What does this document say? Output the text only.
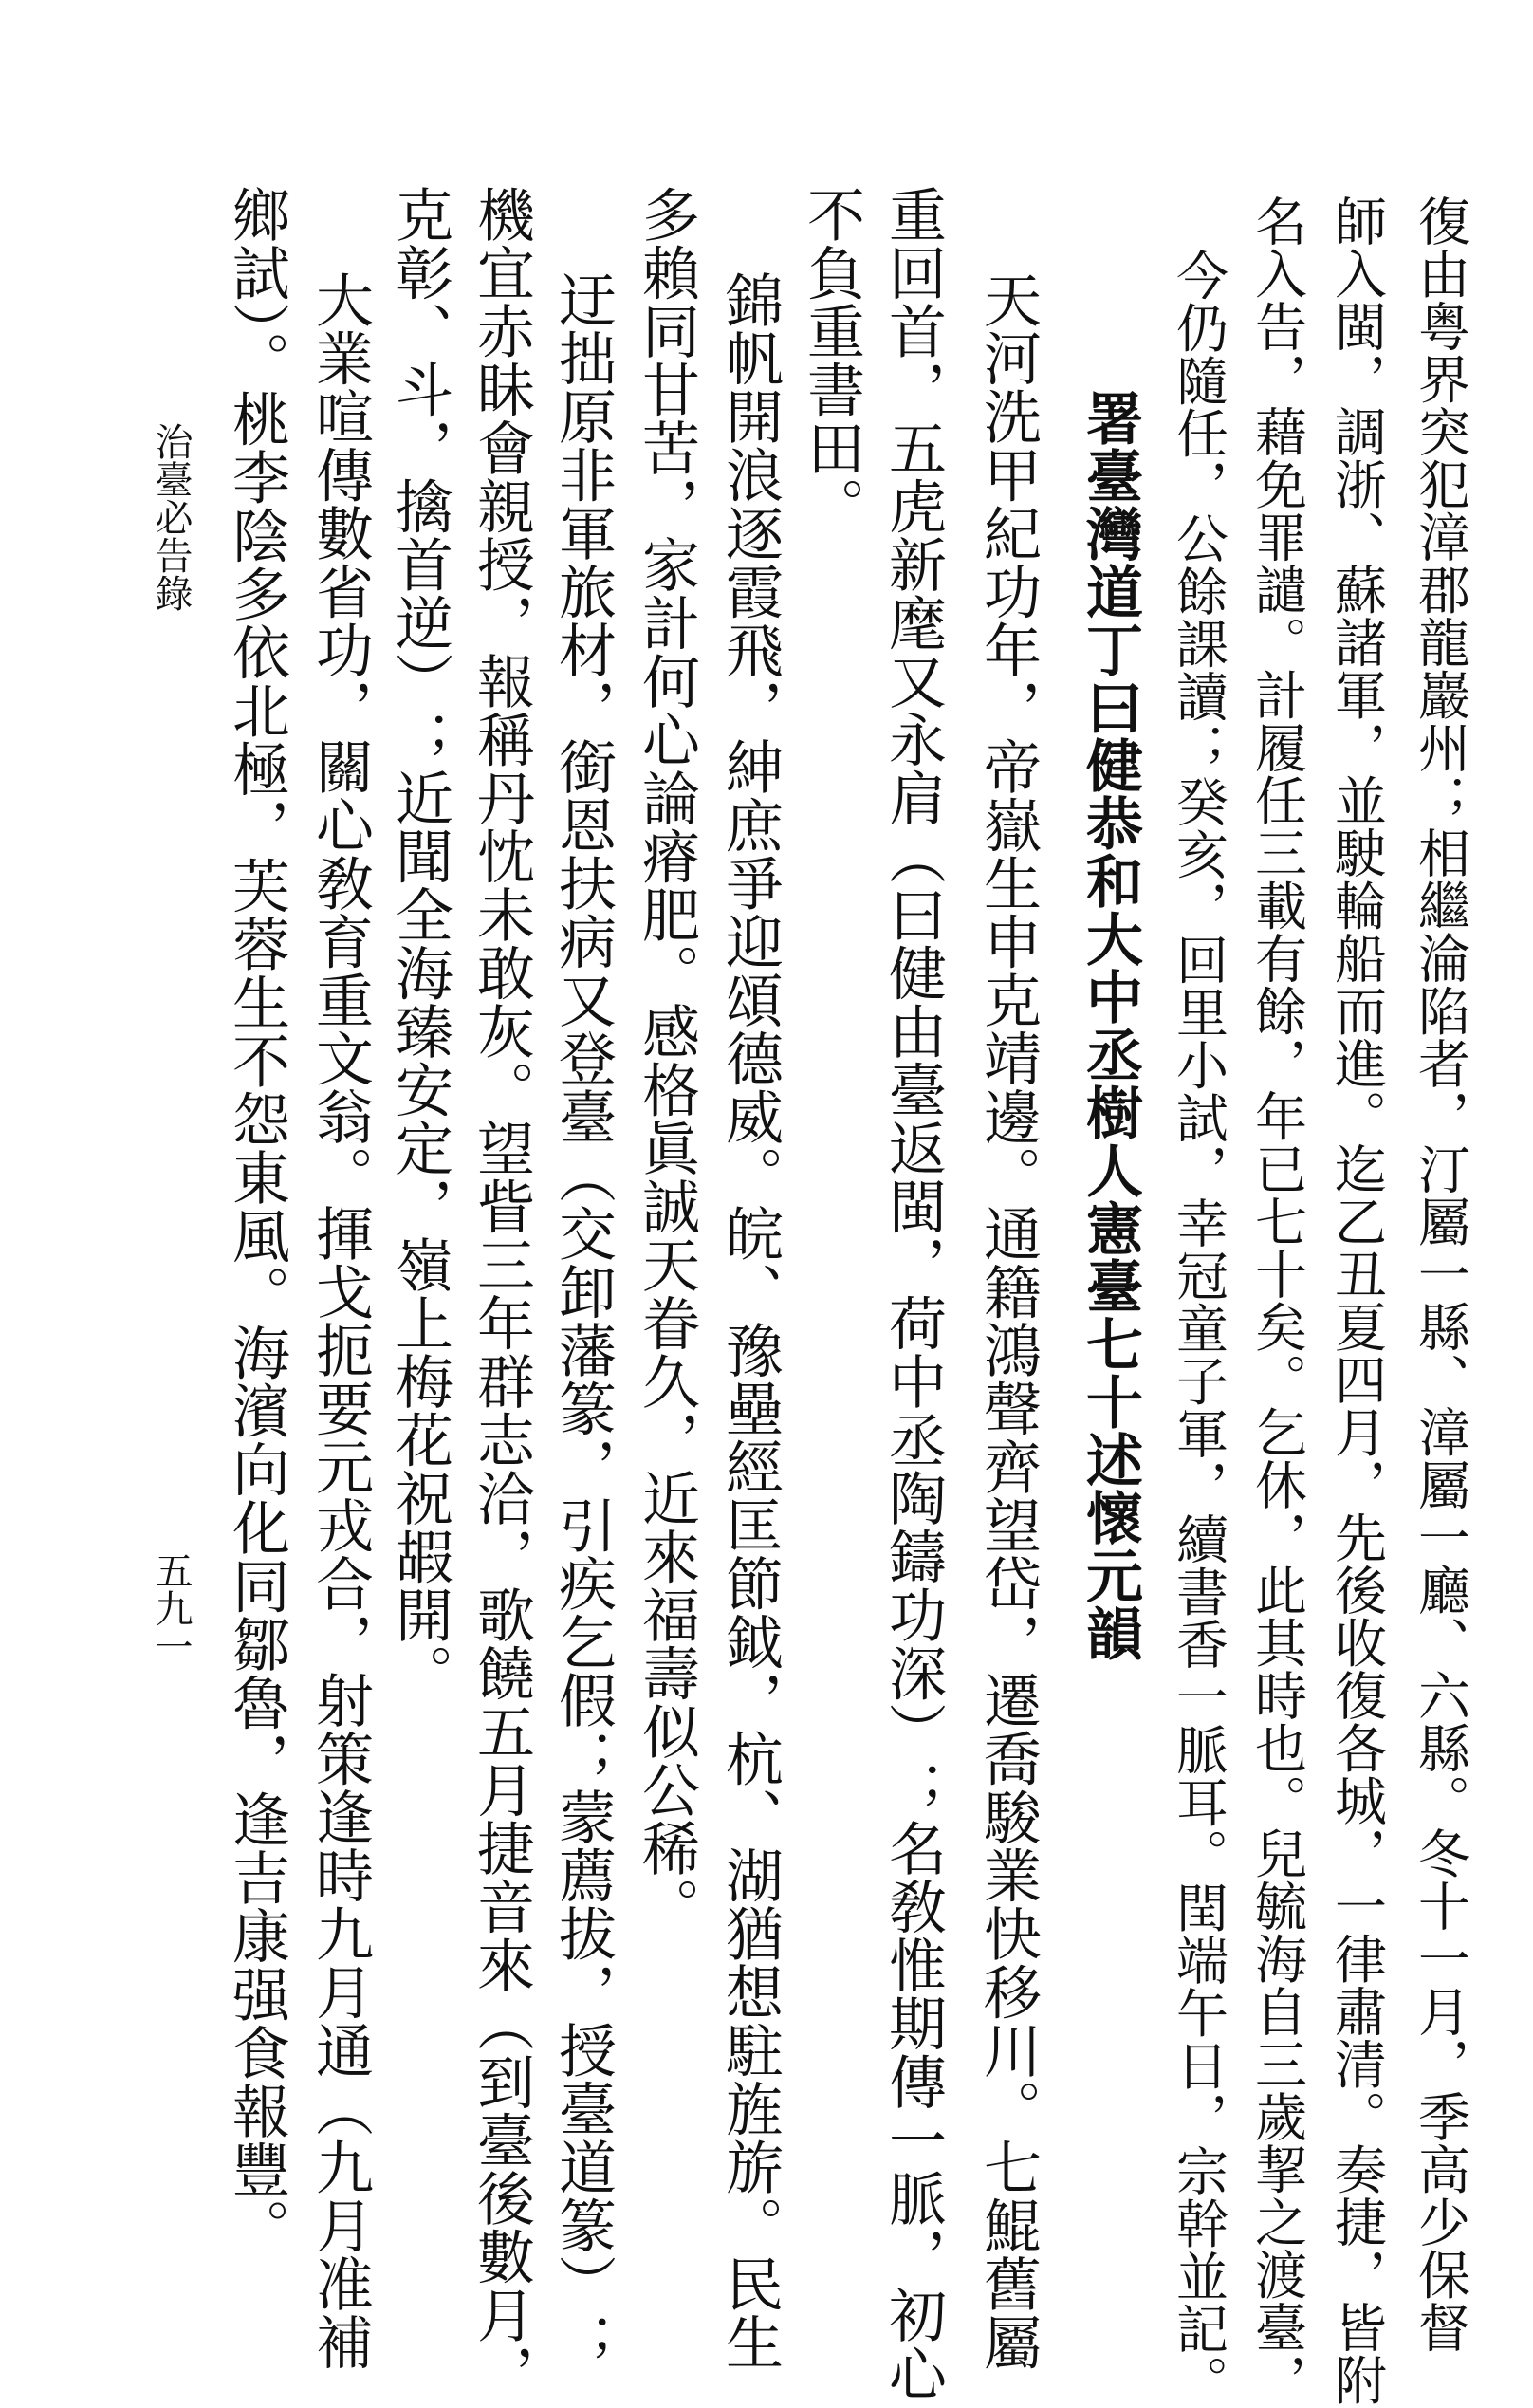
復由粤界突犯漳郡龍巖州；相繼淪陷者，汀屬一縣、漳屬一廳、六縣。冬十一月，季高少保督
師入閩，調浙、蘇諸軍，並駛輪船而進。迄乙丑夏四月，先後收復各城，一律肅清。奏捷，皆附
名入告，藉免罪譴。計履任三載有餘，年已七十矣。乞休，此其時也。兒毓海自三歲挈之渡臺，
今仍隨任，公餘課讀；癸亥，回里小試，幸冠童子軍，續書香一脈耳。閏端午日，宗幹並記。
署臺灣道丁曰健恭和大中丞樹人憲臺七十述懷元韻
天河洗甲紀功年，帝嶽生申克靖邊。通籍鴻聲齊望岱，遷喬駿業快移川。七鯤舊屬
重回首，五虎新麾又永肩（曰健由臺返閩，荷中丞陶鑄功深）；名敎惟期傳一脈，初心
不負重書田。
錦帆開浪逐霞飛，紳庶爭迎頌德威。皖、豫壘經匡節鉞，杭、湖猶想駐旌旂。民生
多賴同甘苦，家計何心論瘠肥。感格眞誠天眷久，近來福壽似公稀。
迂拙原非軍旅材，銜恩扶病又登臺（交卸藩篆，引疾乞假；蒙薦拔，授臺道篆）；
機宜赤眛會親授，報稱丹忱未敢灰。望眥三年群志洽，歌饒五月捷音來（到臺後數月，
克彰、斗，擒首逆）；近聞全海臻安定，嶺上梅花祝嘏開。
大業喧傳數省功，關心敎育重文翁。揮戈扼要元戎合，射策逢時九月通（九月准補
鄉試）。桃李陰多依北極，芙蓉生不怨東風。海濱向化同鄒魯，逢吉康强食報豐。
治臺必告錄
五九一
